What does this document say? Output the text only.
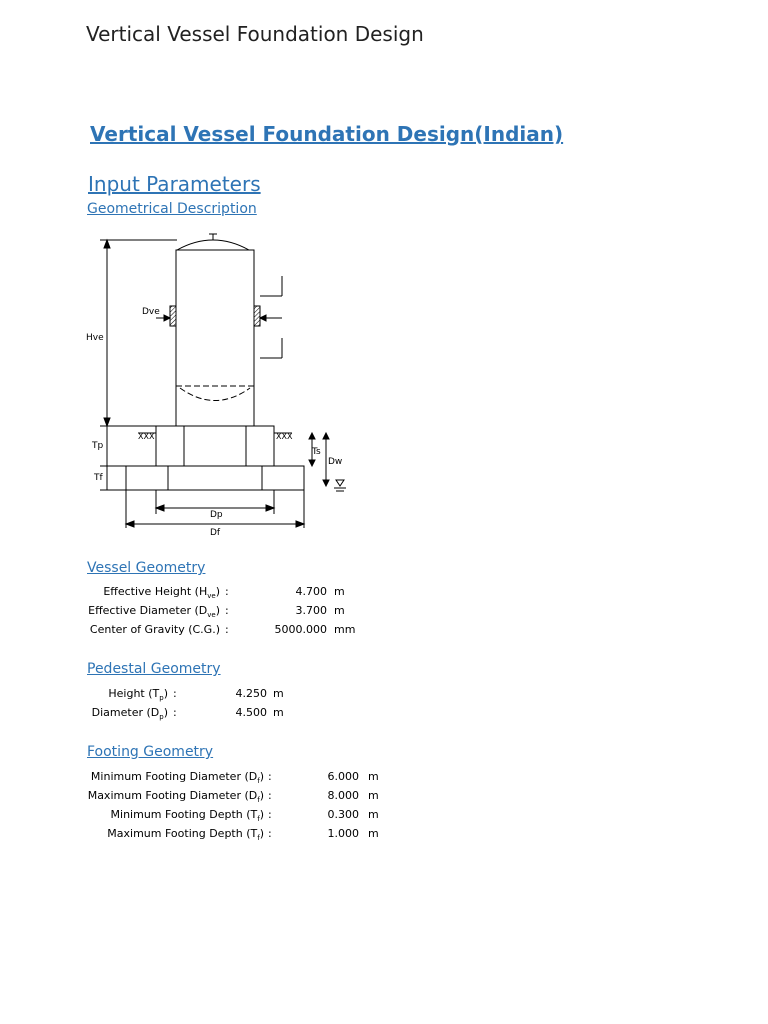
Vertical Vessel Foundation Design
Vertical Vessel Foundation Design(Indian)
Input Parameters
Geometrical Description
Hve
Dve
Tp
Tf
Ts
Dw
Dp
Df
XXX	XXX
Vessel Geometry
Effective Height $(H_{ve})$ :	4.700 m
Effective Diameter $(D_{ve})$ :	3.700 m
Center of Gravity (C.G.) :	5000.000 mm
Pedestal Geometry
Height $(T_p)$ :	4.250 m
Diameter $(D_p)$ :	4.500 m
Footing Geometry
Minimum Footing Diameter $(D_f)$ :	6.000 m
Maximum Footing Diameter $(D_f)$ :	8.000 m
Minimum Footing Depth $(T_f)$ :	0.300 m
Maximum Footing Depth $(T_f)$ :	1.000 m
